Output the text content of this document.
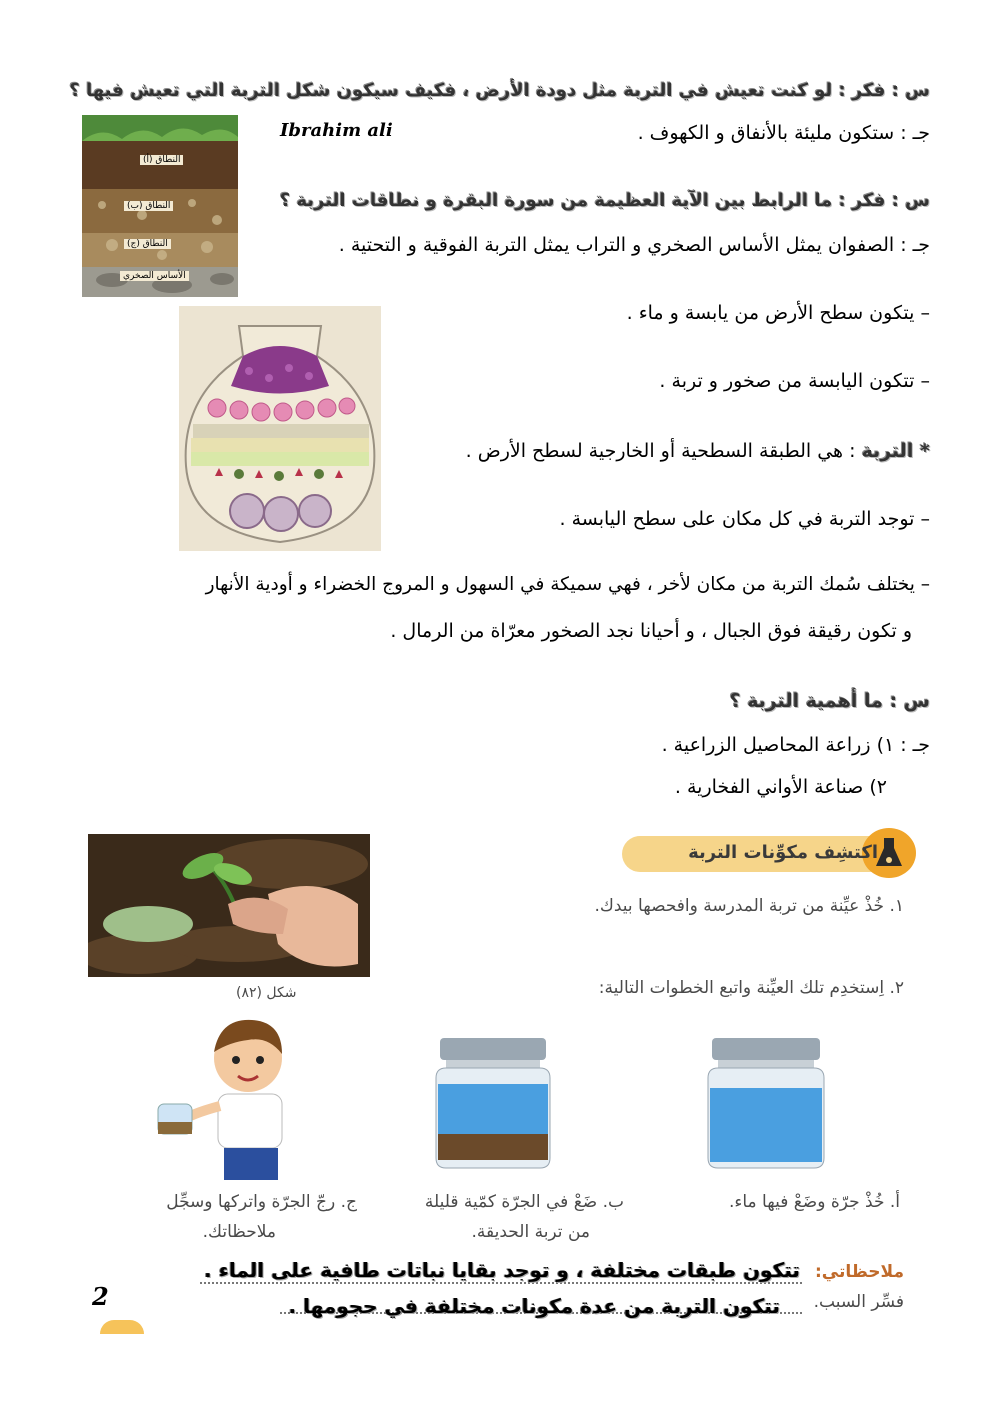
س : فكر : لو كنت تعيش في التربة مثل دودة الأرض ، فكيف سيكون شكل التربة التي تعيش فيها ؟
جـ : ستكون مليئة بالأنفاق و الكهوف .
Ibrahim ali
النطاق (أ)
النطاق (ب)
النطاق (ج)
الأساس الصخري
س : فكر : ما الرابط بين الآية العظيمة من سورة البقرة و نطاقات التربة ؟
جـ : الصفوان يمثل الأساس الصخري و التراب يمثل التربة الفوقية و التحتية .
– يتكون سطح الأرض من يابسة و ماء .
– تتكون اليابسة من صخور و تربة .
* التربة : هي الطبقة السطحية أو الخارجية لسطح الأرض .
– توجد التربة في كل مكان على سطح اليابسة .
– يختلف سُمك التربة من مكان لأخر ، فهي سميكة في السهول و المروج الخضراء و أودية الأنهار
و تكون رقيقة فوق الجبال ، و أحيانا نجد الصخور معرّاة من الرمال .
س : ما أهمية التربة ؟
جـ : ١) زراعة المحاصيل الزراعية .
٢) صناعة الأواني الفخارية .
شكل (٨٢)
اكتشِف مكوِّنات التربة
١. خُذْ عيِّنة من تربة المدرسة وافحصها بيدك.
٢. اِستخدِم تلك العيِّنة واتبع الخطوات التالية:
أ. خُذْ جرّة وضَعْ فيها ماء.
ب. ضَعْ في الجرّة كمّية قليلة
من تربة الحديقة.
ج. رجّ الجرّة واتركها وسجِّل
ملاحظاتك.
ملاحظاتي:
فسِّر السبب.
تتكون طبقات مختلفة ، و توجد بقايا نباتات طافية على الماء .
تتكون التربة من عدة مكونات مختلفة في حجومها .
2
